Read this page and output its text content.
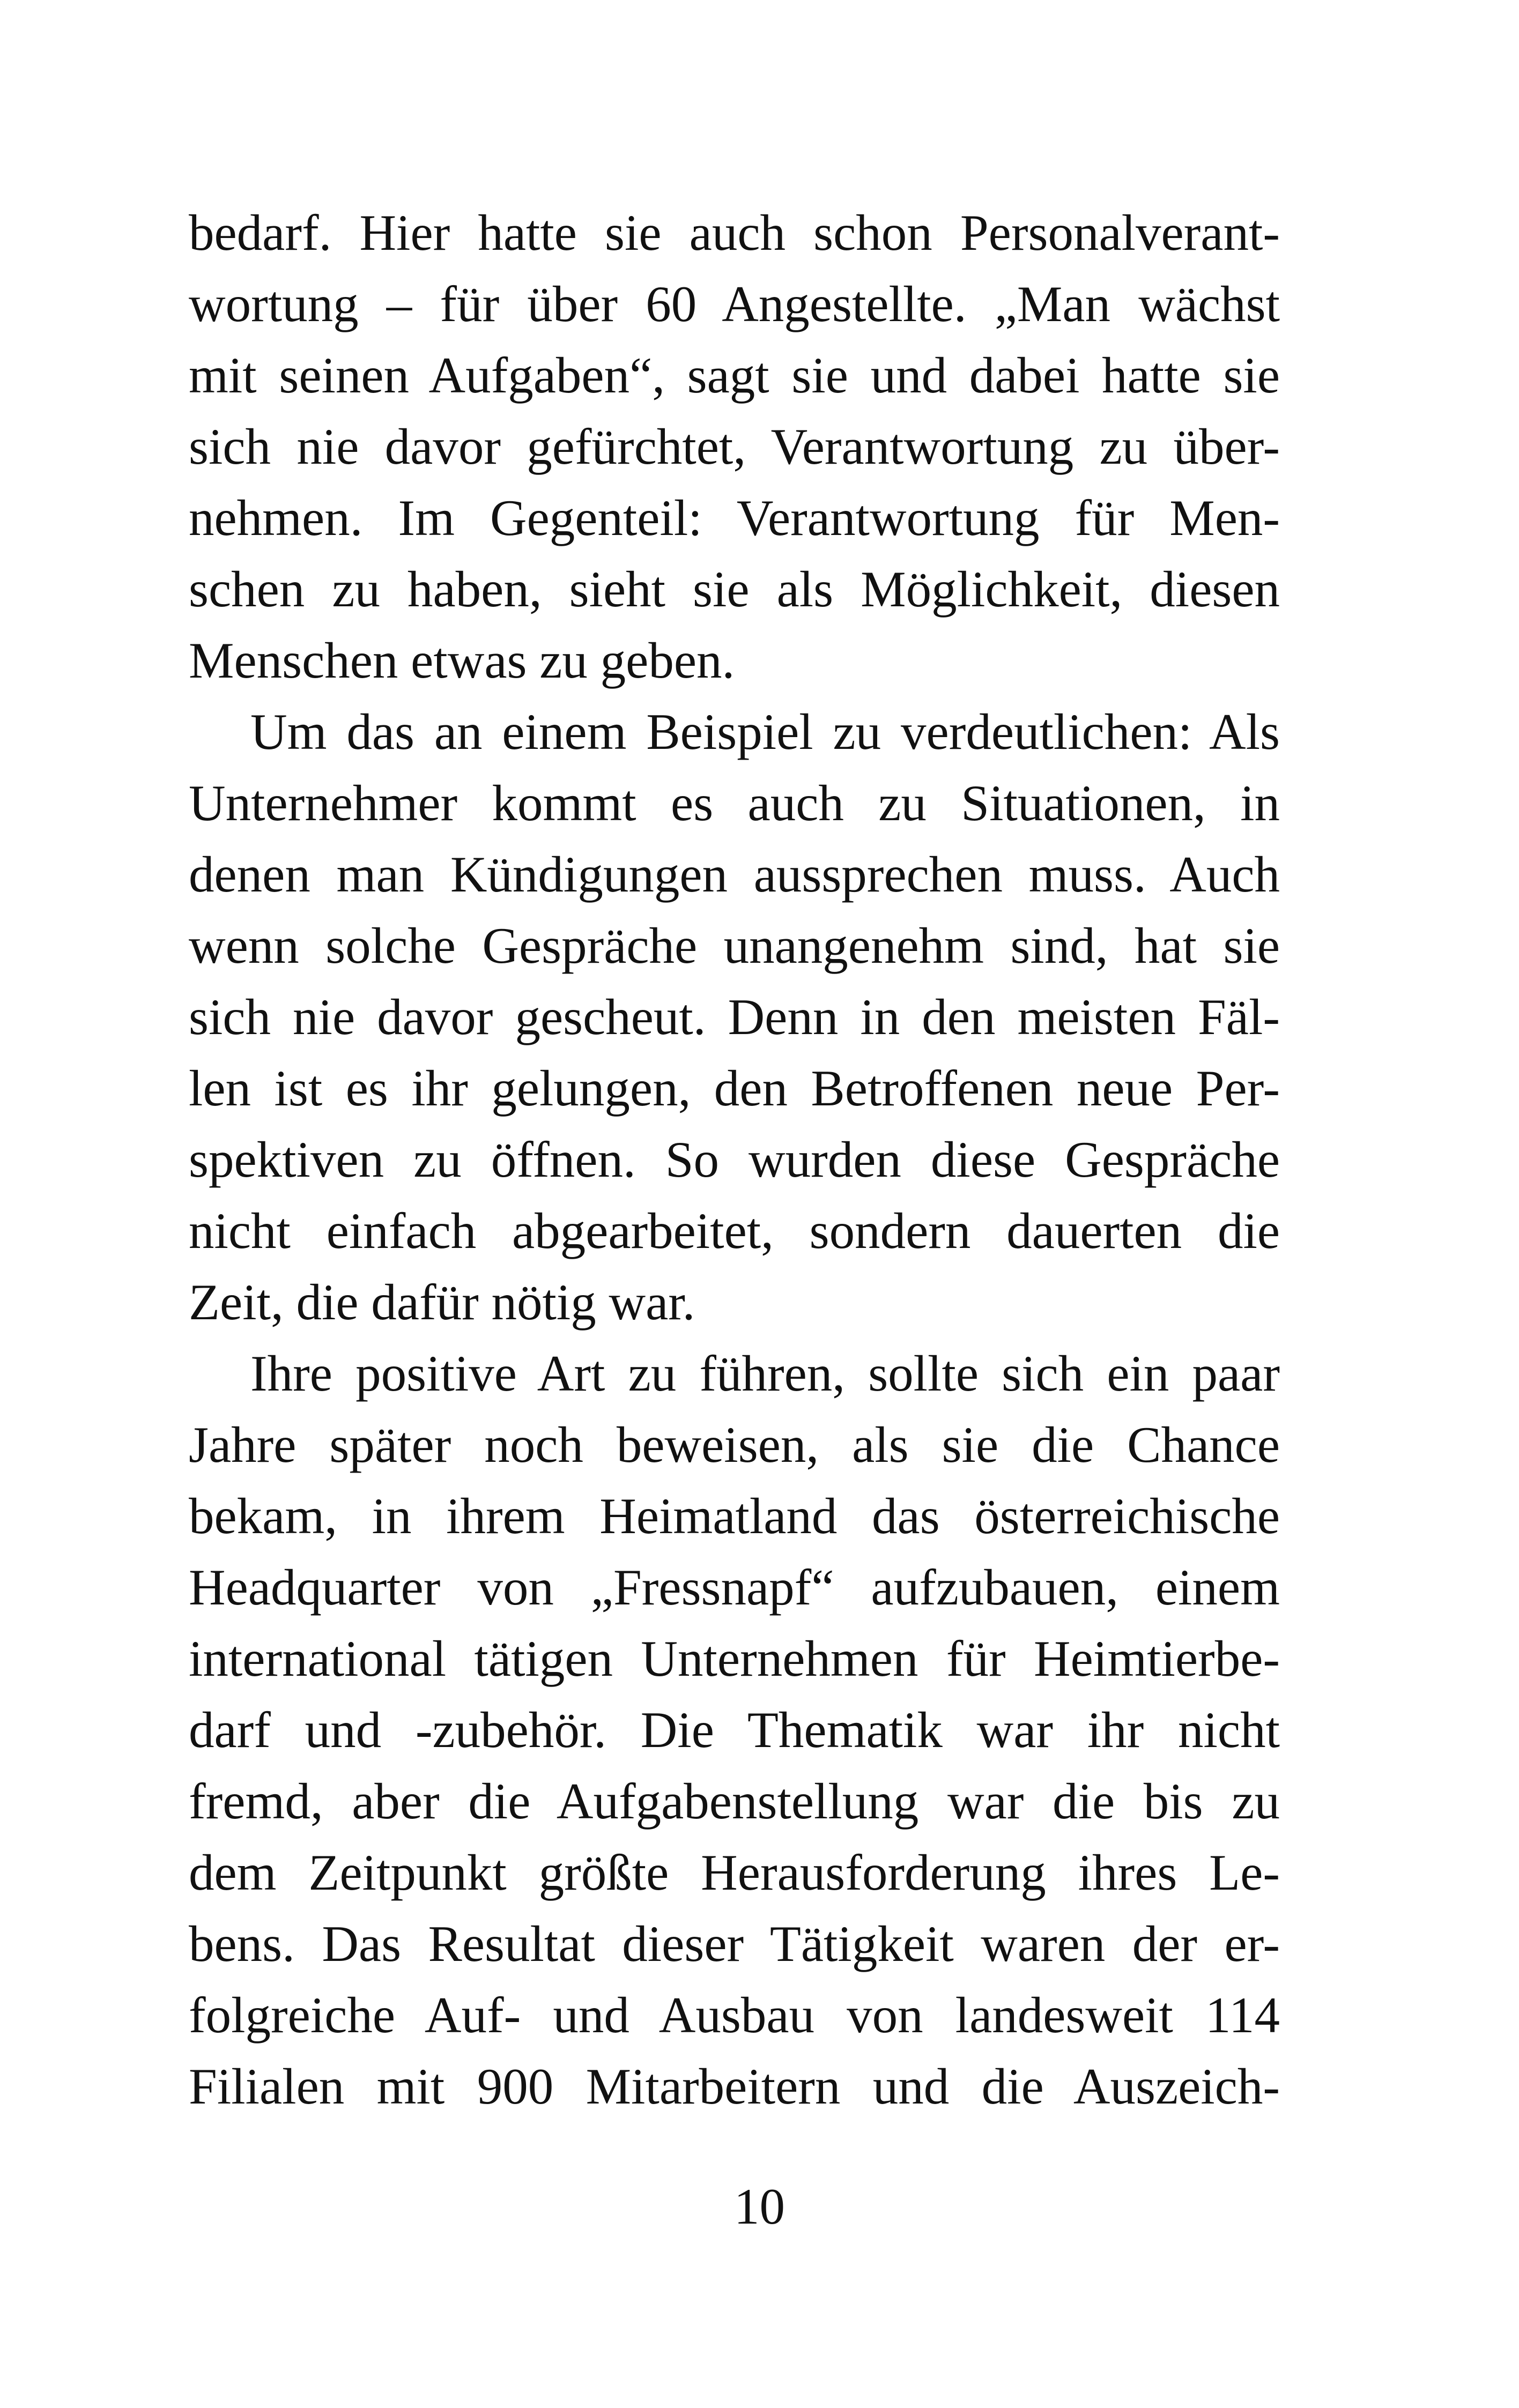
bedarf. Hier hatte sie auch schon Personalverant-
wortung – für über 60 Angestellte. „Man wächst
mit seinen Aufgaben“, sagt sie und dabei hatte sie
sich nie davor gefürchtet, Verantwortung zu über-
nehmen. Im Gegenteil: Verantwortung für Men-
schen zu haben, sieht sie als Möglichkeit, diesen
Menschen etwas zu geben.
Um das an einem Beispiel zu verdeutlichen: Als
Unternehmer kommt es auch zu Situationen, in
denen man Kündigungen aussprechen muss. Auch
wenn solche Gespräche unangenehm sind, hat sie
sich nie davor gescheut. Denn in den meisten Fäl-
len ist es ihr gelungen, den Betroffenen neue Per-
spektiven zu öffnen. So wurden diese Gespräche
nicht einfach abgearbeitet, sondern dauerten die
Zeit, die dafür nötig war.
Ihre positive Art zu führen, sollte sich ein paar
Jahre später noch beweisen, als sie die Chance
bekam, in ihrem Heimatland das österreichische
Headquarter von „Fressnapf“ aufzubauen, einem
international tätigen Unternehmen für Heimtierbe-
darf und -zubehör. Die Thematik war ihr nicht
fremd, aber die Aufgabenstellung war die bis zu
dem Zeitpunkt größte Herausforderung ihres Le-
bens. Das Resultat dieser Tätigkeit waren der er-
folgreiche Auf- und Ausbau von landesweit 114
Filialen mit 900 Mitarbeitern und die Auszeich-
10
